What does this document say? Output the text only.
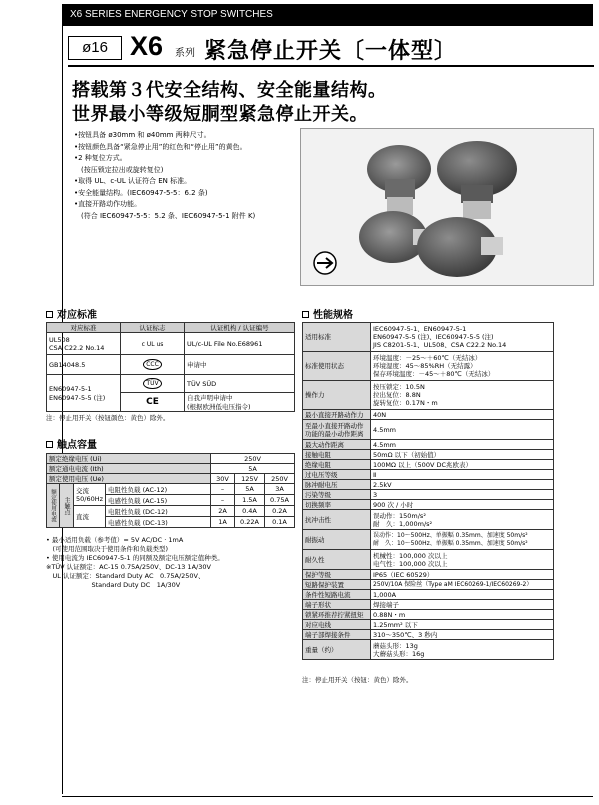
X6 SERIES ENERGENCY STOP SWITCHES
ø16 X6 系列 紧急停止开关〔一体型〕
搭载第３代安全结构、安全能量结构。
世界最小等级短胴型紧急停止开关。
•按钮具备 ø30mm 和 ø40mm 两种尺寸。
•按钮颜色具备“紧急停止用”的红色和“停止用”的黄色。
•2 种复位方式。
　(按压锁定拉出或旋转复位)
•取得 UL、c-UL 认证符合 EN 标准。
•安全能量结构。(IEC60947-5-5：6.2 条)
•直接开路动作功能。
　(符合 IEC60947-5-5：5.2 条、IEC60947-5-1 附件 K)
对应标准
对应标准	认证标志	认证机构 / 认证编号
UL508
CSA C22.2 No.14	c UL us	UL/c-UL File No.E68961
GB14048.5	CCC	申请中
EN60947-5-1
EN60947-5-5 (注)	TÜV	TÜV SÜD
	CE	自我声明申请中
(根据欧洲低电压指令)
注：停止用开关（按钮颜色：黄色）除外。
触点容量
额定绝缘电压 (Ui)				250V		
额定通电电流 (Ith)				5A		
额定使用电压 (Ue)				30V	125V	250V
额定使用电流	主触点	交流
50/60Hz	电阻性负载 (AC-12)	–	5A	3A
			电感性负载 (AC-15)	–	1.5A	0.75A
		直流	电阻性负载 (DC-12)	2A	0.4A	0.2A
			电感性负载 (DC-13)	1A	0.22A	0.1A
• 最小适用负载（参考值）= 5V AC/DC · 1mA
　(可使用范围取决于使用条件和负载类型)
• 使用电流为 IEC60947-5-1 的同额及额定电压额定值种类。
※TÜV 认证额定：AC-15 0.75A/250V、DC-13 1A/30V
　UL 认证额定：Standard Duty AC　0.75A/250V、
　　　　　　　Standard Duty DC　1A/30V
性能规格
适用标准	IEC60947-5-1、EN60947-5-1
EN60947-5-5 (注)、IEC60947-5-5 (注)
JIS C8201-5-1、UL508、CSA C22.2 No.14
标准使用状态	环境温度：－25～＋60℃（无结冰）
环境湿度：45～85%RH（无结露）
保存环境温度：－45～＋80℃（无结冰）
操作力	按压锁定：10.5N
拉出复位：8.8N
旋转复位：0.17N・m
最小直接开路动作力	40N
至最小直接开路动作
功能的最小动作距离	4.5mm
最大动作距离	4.5mm
接触电阻	50mΩ 以下（初始值）
绝缘电阻	100MΩ 以上（500V DC兆欧表）
过电压等级	Ⅱ
脉冲耐电压	2.5kV
污染等级	3
切换频率	900 次 / 小时
抗冲击性	误动作：150m/s²
耐　久：1,000m/s²
耐振动	误动作：10～500Hz、单振幅 0.35mm、加速度 50m/s²
耐　久：10～500Hz、单振幅 0.35mm、加速度 50m/s²
耐久性	机械性：100,000 次以上
电气性：100,000 次以上
保护等级	IP65（IEC 60529）
短路保护装置	250V/10A 保险丝（Type aM IEC60269-1/IEC60269-2）
条件性短路电流	1,000A
端子形状	焊接端子
锁紧环推荐拧紧扭矩	0.88N・m
对应电线	1.25mm² 以下
端子部焊接条件	310～350℃、3 秒内
重量（约）	蘑菇头形：13g
大蘑菇头形：16g
注：停止用开关（按钮：黄色）除外。
